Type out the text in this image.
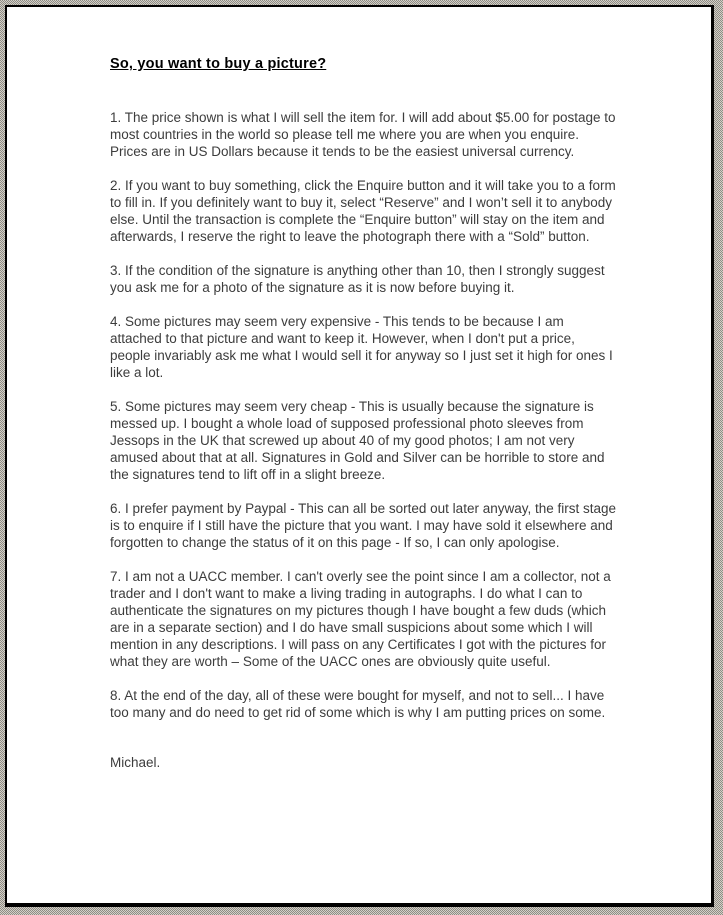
So, you want to buy a picture?

1. The price shown is what I will sell the item for. I will add about $5.00 for postage to most countries in the world so please tell me where you are when you enquire. Prices are in US Dollars because it tends to be the easiest universal currency.

2. If you want to buy something, click the Enquire button and it will take you to a form to fill in. If you definitely want to buy it, select “Reserve” and I won’t sell it to anybody else. Until the transaction is complete the “Enquire button” will stay on the item and afterwards, I reserve the right to leave the photograph there with a “Sold” button.

3. If the condition of the signature is anything other than 10, then I strongly suggest you ask me for a photo of the signature as it is now before buying it.

4. Some pictures may seem very expensive - This tends to be because I am attached to that picture and want to keep it. However, when I don't put a price, people invariably ask me what I would sell it for anyway so I just set it high for ones I like a lot.

5. Some pictures may seem very cheap - This is usually because the signature is messed up. I bought a whole load of supposed professional photo sleeves from Jessops in the UK that screwed up about 40 of my good photos; I am not very amused about that at all. Signatures in Gold and Silver can be horrible to store and the signatures tend to lift off in a slight breeze.

6. I prefer payment by Paypal - This can all be sorted out later anyway, the first stage is to enquire if I still have the picture that you want. I may have sold it elsewhere and forgotten to change the status of it on this page - If so, I can only apologise.

7. I am not a UACC member. I can't overly see the point since I am a collector, not a trader and I don't want to make a living trading in autographs. I do what I can to authenticate the signatures on my pictures though I have bought a few duds (which are in a separate section) and I do have small suspicions about some which I will mention in any descriptions. I will pass on any Certificates I got with the pictures for what they are worth – Some of the UACC ones are obviously quite useful.

8. At the end of the day, all of these were bought for myself, and not to sell... I have too many and do need to get rid of some which is why I am putting prices on some.

Michael.
